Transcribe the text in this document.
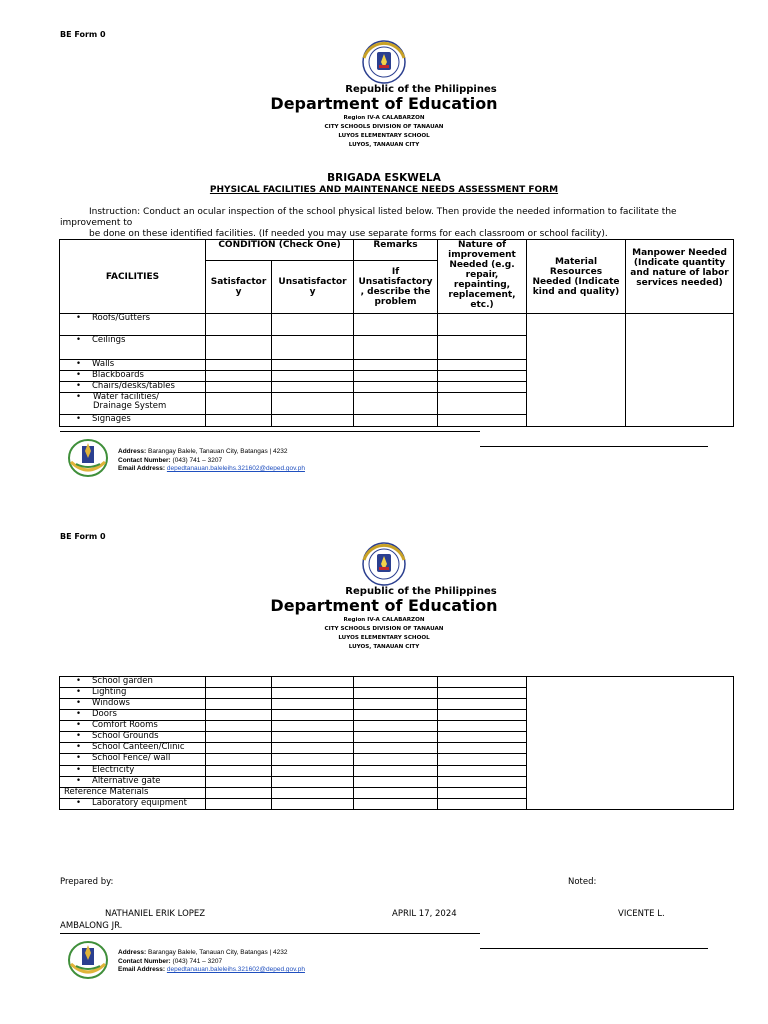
BE Form 0
Republic of the Philippines
Department of Education
Region IV-A CALABARZON
CITY SCHOOLS DIVISION OF TANAUAN
LUYOS ELEMENTARY SCHOOL
LUYOS, TANAUAN CITY
BRIGADA ESKWELA
PHYSICAL FACILITIES AND MAINTENANCE NEEDS ASSESSMENT FORM
Instruction: Conduct an ocular inspection of the school physical listed below. Then provide the needed information to facilitate the
improvement to
be done on these identified facilities. (If needed you may use separate forms for each classroom or school facility).
FACILITIES	CONDITION (Check One)		Remarks	Nature of improvement Needed (e.g. repair, repainting, replacement, etc.)	Material Resources Needed (Indicate kind and quality)	Manpower Needed (Indicate quantity and nature of labor services needed)
	Satisfactor y	Unsatisfactor y	If Unsatisfactory , describe the problem			
• Roofs/Gutters						
• Ceilings						
• Walls						
• Blackboards						
• Chairs/desks/tables						

• Water facilities/ Drainage System						

• Signages						
Address: Barangay Balele, Tanauan City, Batangas | 4232
Contact Number: (043) 741 – 3207
Email Address: depedtanauan.baleleihs.321602@deped.gov.ph
BE Form 0
Republic of the Philippines
Department of Education
Region IV-A CALABARZON
CITY SCHOOLS DIVISION OF TANAUAN
LUYOS ELEMENTARY SCHOOL
LUYOS, TANAUAN CITY
• School garden					
• Lighting					
• Windows					
• Doors					
• Comfort Rooms					
• School Grounds					
• School Canteen/Clinic					
• School Fence/ wall					
• Electricity					
• Alternative gate					
Reference Materials					
• Laboratory equipment					
Prepared by:	Noted:
NATHANIEL ERIK LOPEZ	APRIL 17, 2024	VICENTE L.
AMBALONG JR.
Address: Barangay Balele, Tanauan City, Batangas | 4232
Contact Number: (043) 741 – 3207
Email Address: depedtanauan.baleleihs.321602@deped.gov.ph
